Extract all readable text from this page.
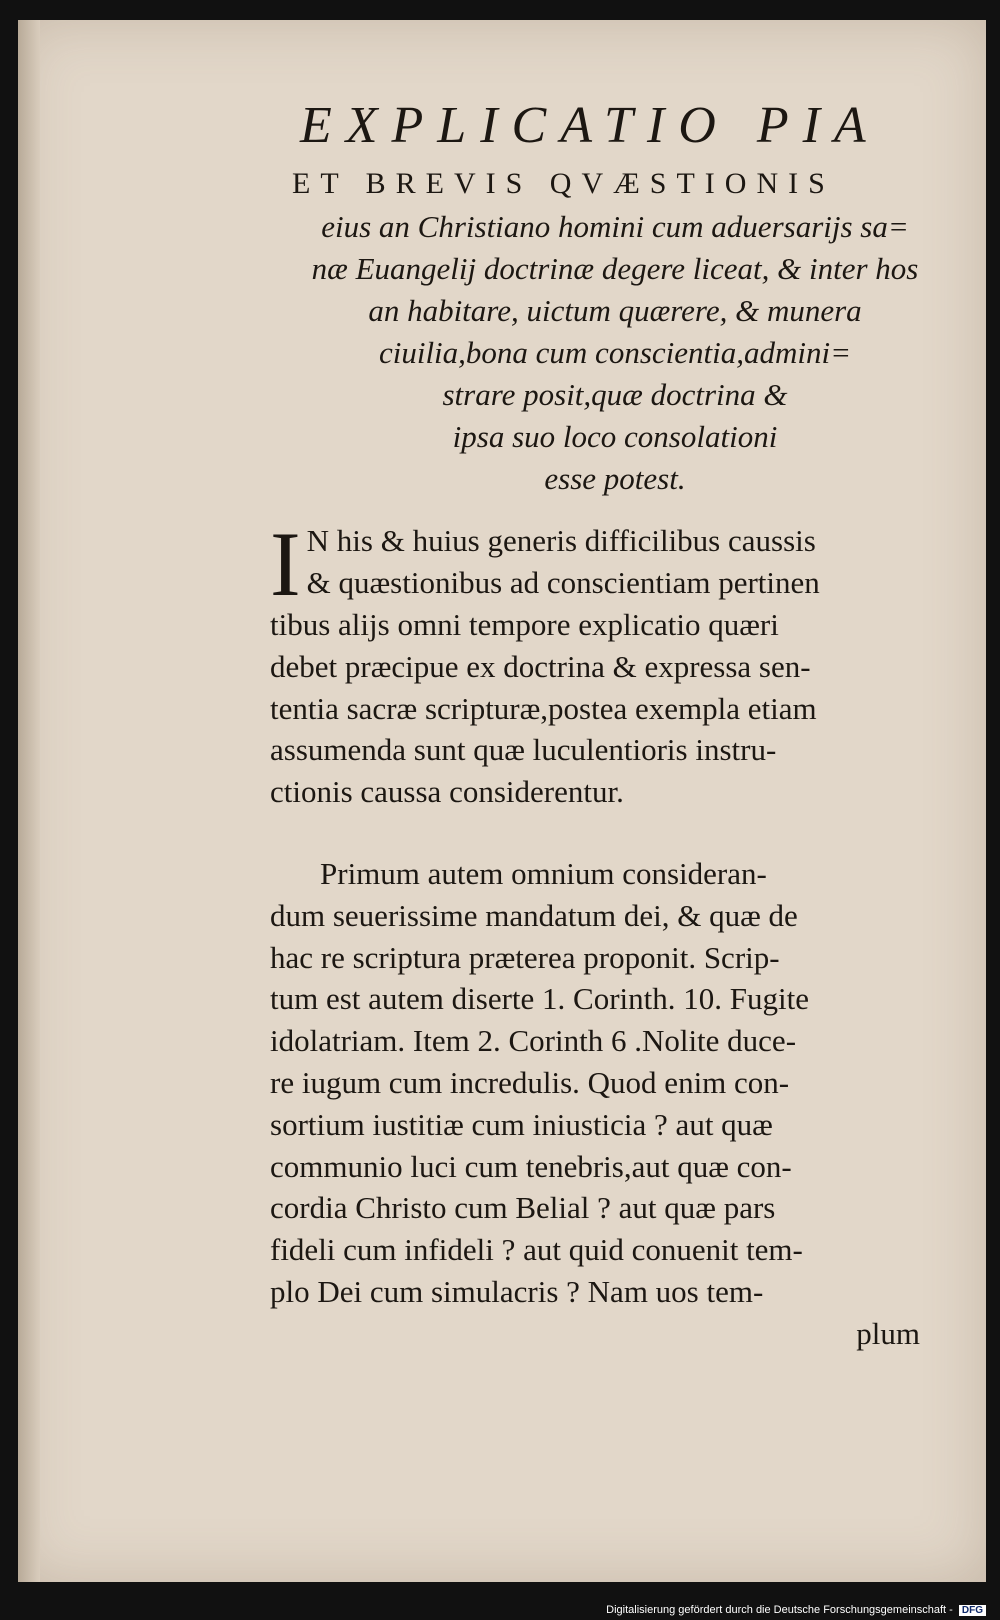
EXPLICATIO PIA
ET BREVIS QVÆSTIONIS
eius an Christiano homini cum aduersarijs sa=
næ Euangelij doctrinæ degere liceat, & inter hos
an habitare, uictum quærere, & munera
ciuilia,bona cum conscientia,admini=
strare posit,quæ doctrina &
ipsa suo loco consolationi
esse potest.
I N his & huius generis difficilibus caussis
& quæstionibus ad conscientiam pertinen
tibus alijs omni tempore explicatio quæri
debet præcipue ex doctrina & expressa sen-
tentia sacræ scripturæ,postea exempla etiam
assumenda sunt quæ luculentioris instru-
ctionis caussa considerentur.
Primum autem omnium consideran-
dum seuerissime mandatum dei, & quæ de
hac re scriptura præterea proponit. Scrip-
tum est autem diserte 1. Corinth. 10. Fugite
idolatriam. Item 2. Corinth 6 .Nolite duce-
re iugum cum incredulis. Quod enim con-
sortium iustitiæ cum iniusticia ? aut quæ
communio luci cum tenebris,aut quæ con-
cordia Christo cum Belial ? aut quæ pars
fideli cum infideli ? aut quid conuenit tem-
plo Dei cum simulacris ? Nam uos tem-
plum
Digitalisierung gefördert durch die Deutsche Forschungsgemeinschaft - DFG
